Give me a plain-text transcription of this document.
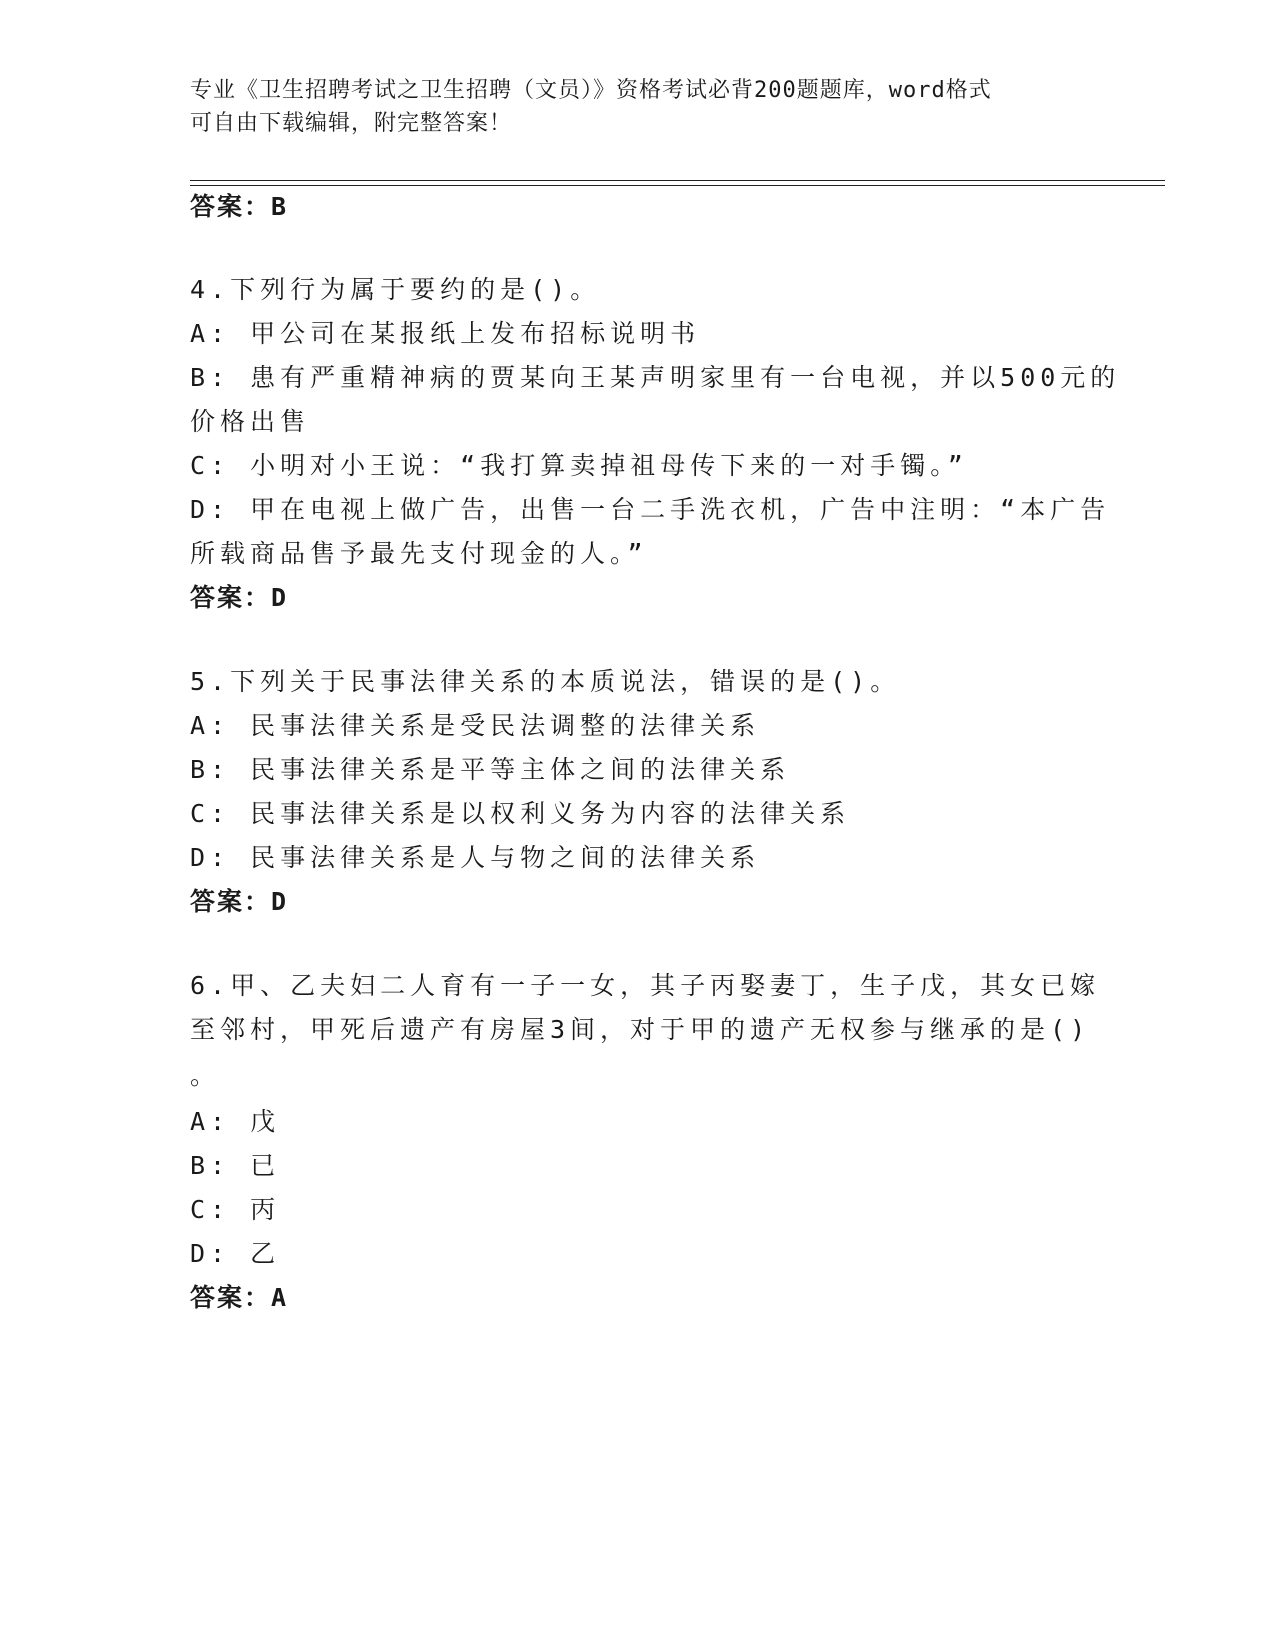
专业《卫生招聘考试之卫生招聘（文员）》资格考试必背200题题库，word格式
可自由下载编辑，附完整答案！
答案：B
4.下列行为属于要约的是()。
A: 甲公司在某报纸上发布招标说明书
B: 患有严重精神病的贾某向王某声明家里有一台电视，并以500元的
价格出售
C: 小明对小王说：“我打算卖掉祖母传下来的一对手镯。”
D: 甲在电视上做广告，出售一台二手洗衣机，广告中注明：“本广告
所载商品售予最先支付现金的人。”
答案：D
5.下列关于民事法律关系的本质说法，错误的是()。
A: 民事法律关系是受民法调整的法律关系
B: 民事法律关系是平等主体之间的法律关系
C: 民事法律关系是以权利义务为内容的法律关系
D: 民事法律关系是人与物之间的法律关系
答案：D
6.甲、乙夫妇二人育有一子一女，其子丙娶妻丁，生子戊，其女已嫁
至邻村，甲死后遗产有房屋3间，对于甲的遗产无权参与继承的是()
。
A: 戊
B: 已
C: 丙
D: 乙
答案：A
